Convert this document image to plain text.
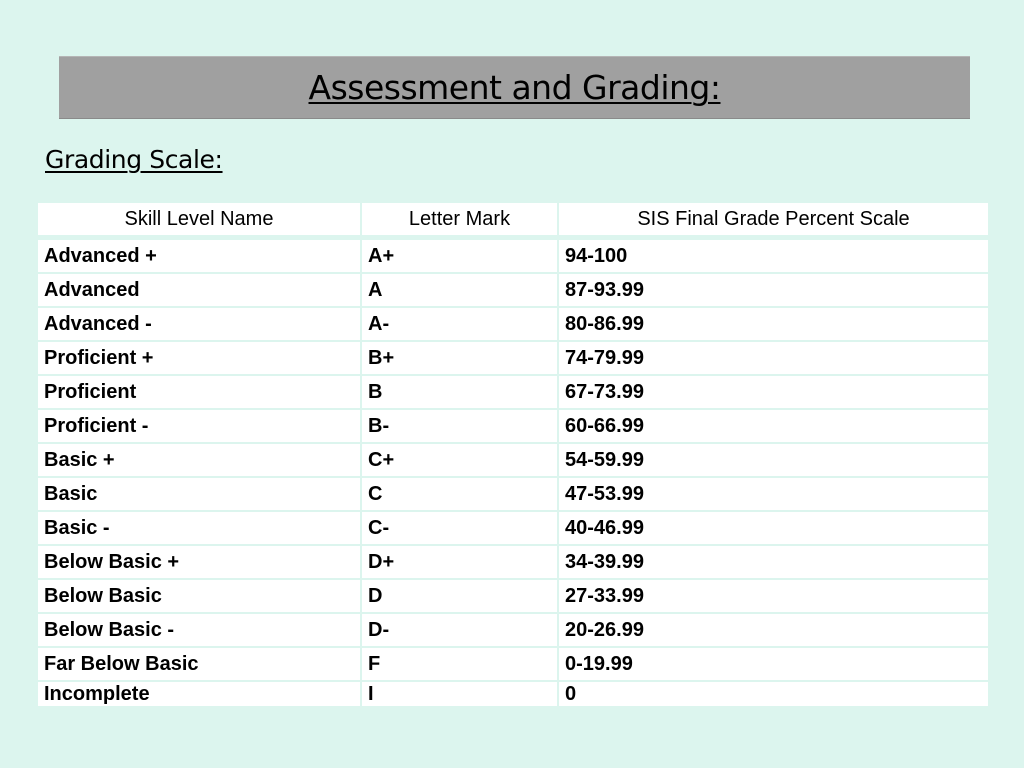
Assessment and Grading:
Grading Scale:
Skill Level Name	Letter Mark	SIS Final Grade Percent Scale
Advanced +	A+	94-100
Advanced	A	87-93.99
Advanced -	A-	80-86.99
Proficient +	B+	74-79.99
Proficient	B	67-73.99
Proficient -	B-	60-66.99
Basic +	C+	54-59.99
Basic	C	47-53.99
Basic -	C-	40-46.99
Below Basic +	D+	34-39.99
Below Basic	D	27-33.99
Below Basic -	D-	20-26.99
Far Below Basic	F	0-19.99
Incomplete	I	0
